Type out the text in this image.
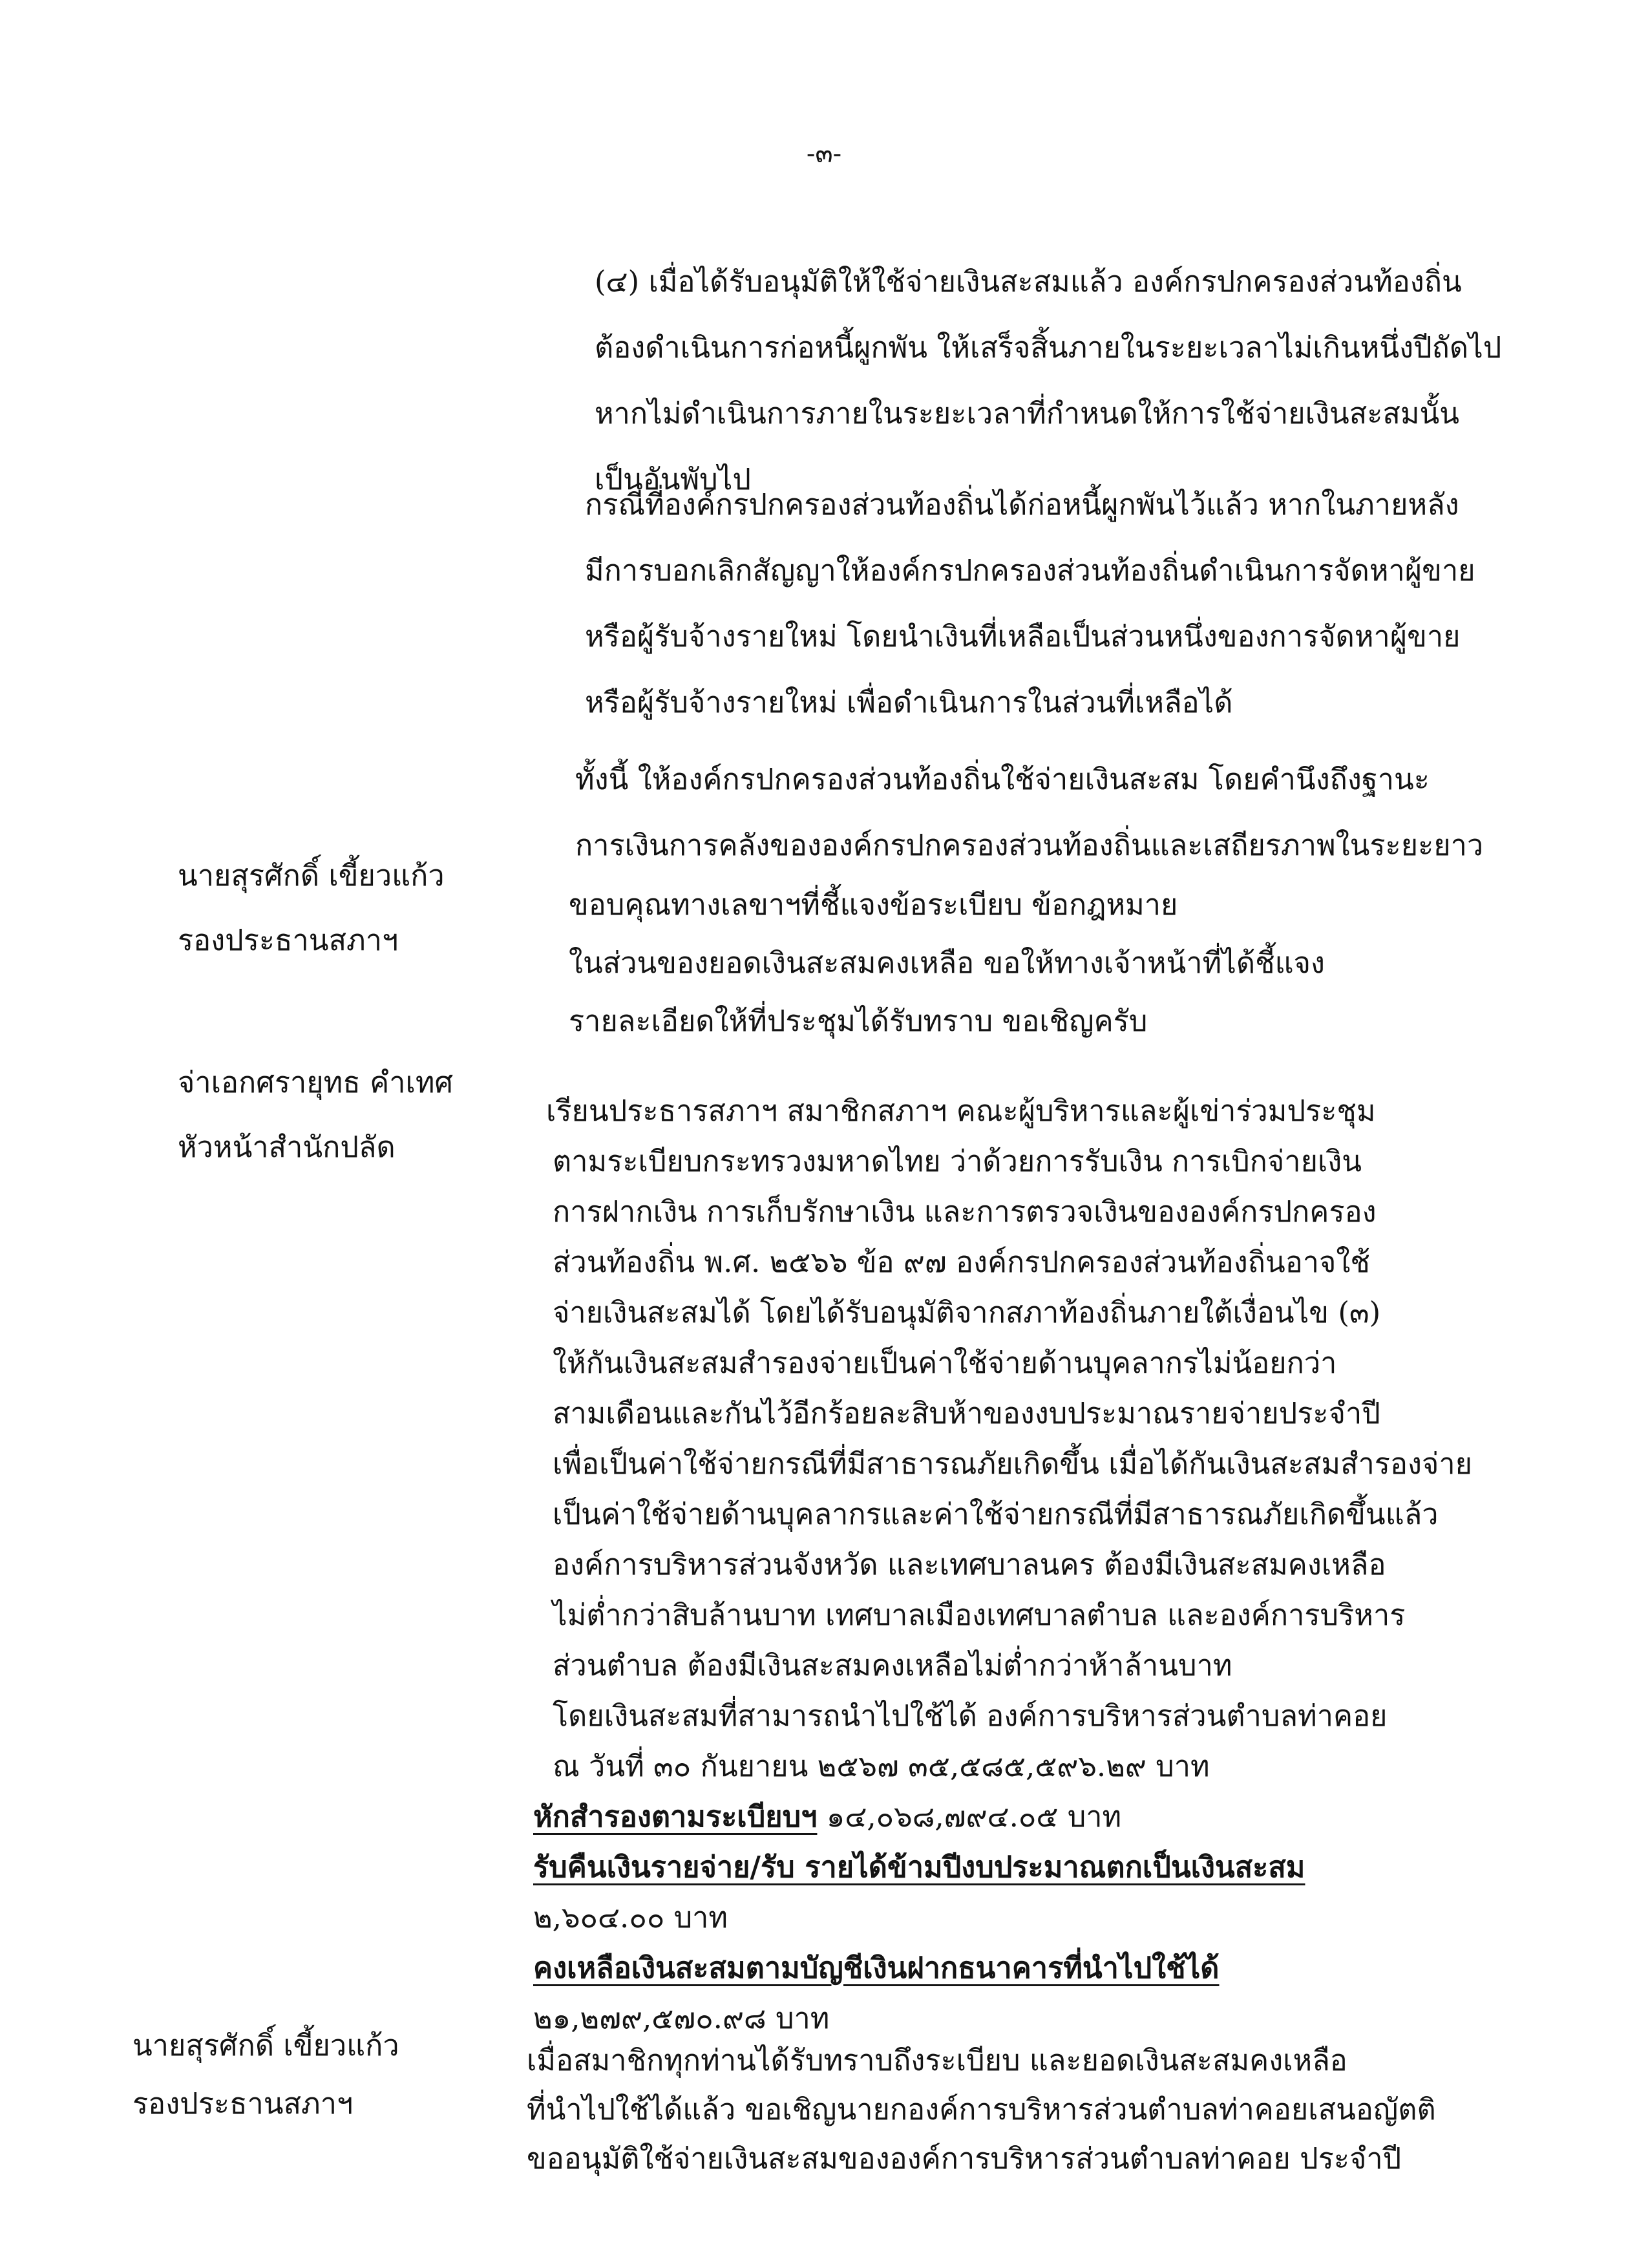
-๓-
(๔) เมื่อได้รับอนุมัติให้ใช้จ่ายเงินสะสมแล้ว องค์กรปกครองส่วนท้องถิ่น
ต้องดำเนินการก่อหนี้ผูกพัน ให้เสร็จสิ้นภายในระยะเวลาไม่เกินหนึ่งปีถัดไป
หากไม่ดำเนินการภายในระยะเวลาที่กำหนดให้การใช้จ่ายเงินสะสมนั้น
เป็นอันพับไป
กรณีที่องค์กรปกครองส่วนท้องถิ่นได้ก่อหนี้ผูกพันไว้แล้ว หากในภายหลัง
มีการบอกเลิกสัญญาให้องค์กรปกครองส่วนท้องถิ่นดำเนินการจัดหาผู้ขาย
หรือผู้รับจ้างรายใหม่ โดยนำเงินที่เหลือเป็นส่วนหนึ่งของการจัดหาผู้ขาย
หรือผู้รับจ้างรายใหม่ เพื่อดำเนินการในส่วนที่เหลือได้
ทั้งนี้ ให้องค์กรปกครองส่วนท้องถิ่นใช้จ่ายเงินสะสม โดยคำนึงถึงฐานะ
การเงินการคลังขององค์กรปกครองส่วนท้องถิ่นและเสถียรภาพในระยะยาว
นายสุรศักดิ์ เขี้ยวแก้ว
รองประธานสภาฯ
ขอบคุณทางเลขาฯที่ชี้แจงข้อระเบียบ ข้อกฎหมาย
ในส่วนของยอดเงินสะสมคงเหลือ ขอให้ทางเจ้าหน้าที่ได้ชี้แจง
รายละเอียดให้ที่ประชุมได้รับทราบ ขอเชิญครับ
จ่าเอกศรายุทธ คำเทศ
หัวหน้าสำนักปลัด
เรียนประธารสภาฯ สมาชิกสภาฯ คณะผู้บริหารและผู้เข่าร่วมประชุม
ตามระเบียบกระทรวงมหาดไทย ว่าด้วยการรับเงิน การเบิกจ่ายเงิน
การฝากเงิน การเก็บรักษาเงิน และการตรวจเงินขององค์กรปกครอง
ส่วนท้องถิ่น พ.ศ. ๒๕๖๖ ข้อ ๙๗ องค์กรปกครองส่วนท้องถิ่นอาจใช้
จ่ายเงินสะสมได้ โดยได้รับอนุมัติจากสภาท้องถิ่นภายใต้เงื่อนไข (๓)
ให้กันเงินสะสมสำรองจ่ายเป็นค่าใช้จ่ายด้านบุคลากรไม่น้อยกว่า
สามเดือนและกันไว้อีกร้อยละสิบห้าของงบประมาณรายจ่ายประจำปี
เพื่อเป็นค่าใช้จ่ายกรณีที่มีสาธารณภัยเกิดขึ้น เมื่อได้กันเงินสะสมสำรองจ่าย
เป็นค่าใช้จ่ายด้านบุคลากรและค่าใช้จ่ายกรณีที่มีสาธารณภัยเกิดขึ้นแล้ว
องค์การบริหารส่วนจังหวัด และเทศบาลนคร ต้องมีเงินสะสมคงเหลือ
ไม่ต่ำกว่าสิบล้านบาท เทศบาลเมืองเทศบาลตำบล และองค์การบริหาร
ส่วนตำบล ต้องมีเงินสะสมคงเหลือไม่ต่ำกว่าห้าล้านบาท
โดยเงินสะสมที่สามารถนำไปใช้ได้ องค์การบริหารส่วนตำบลท่าคอย
ณ วันที่ ๓๐ กันยายน ๒๕๖๗ ๓๕,๕๘๕,๕๙๖.๒๙ บาท
หักสำรองตามระเบียบฯ ๑๔,๐๖๘,๗๙๔.๐๕ บาท
รับคืนเงินรายจ่าย/รับ รายได้ข้ามปีงบประมาณตกเป็นเงินสะสม
๒,๖๐๔.๐๐ บาท
คงเหลือเงินสะสมตามบัญชีเงินฝากธนาคารที่นำไปใช้ได้
๒๑,๒๗๙,๕๗๐.๙๘ บาท
นายสุรศักดิ์ เขี้ยวแก้ว
รองประธานสภาฯ
เมื่อสมาชิกทุกท่านได้รับทราบถึงระเบียบ และยอดเงินสะสมคงเหลือ
ที่นำไปใช้ได้แล้ว ขอเชิญนายกองค์การบริหารส่วนตำบลท่าคอยเสนอญัตติ
ขออนุมัติใช้จ่ายเงินสะสมขององค์การบริหารส่วนตำบลท่าคอย ประจำปี
